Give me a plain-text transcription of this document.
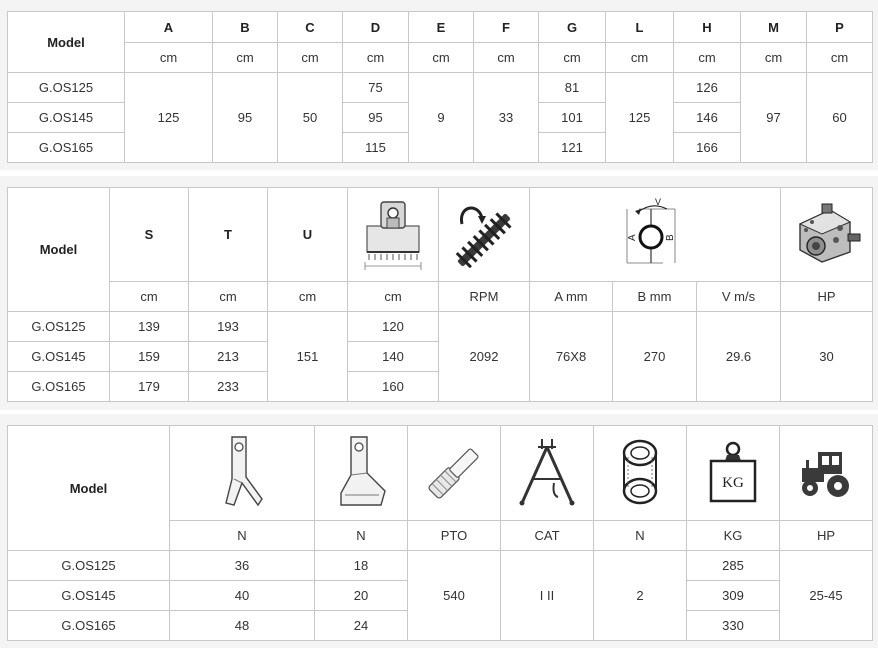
Model	A	B	C	D	E	F	G	L	H	M	P
	cm	cm	cm	cm	cm	cm	cm	cm	cm	cm	cm
G.OS125	125	95	50	75	9	33	81	125	126	97	60
G.OS145				95			101		146		
G.OS165				115			121		166		
Model	S	T	U			V
A B

	cm	cm	cm	cm	RPM	A mm	B mm	V m/s	HP
G.OS125	139	193	151	120	2092	76X8	270	29.6	30
G.OS145	159	213		140					
G.OS165	179	233		160					
Model						KG

	N	N	PTO	CAT	N	KG	HP
G.OS125	36	18	540	I II	2	285	25-45
G.OS145	40	20				309	
G.OS165	48	24				330	
